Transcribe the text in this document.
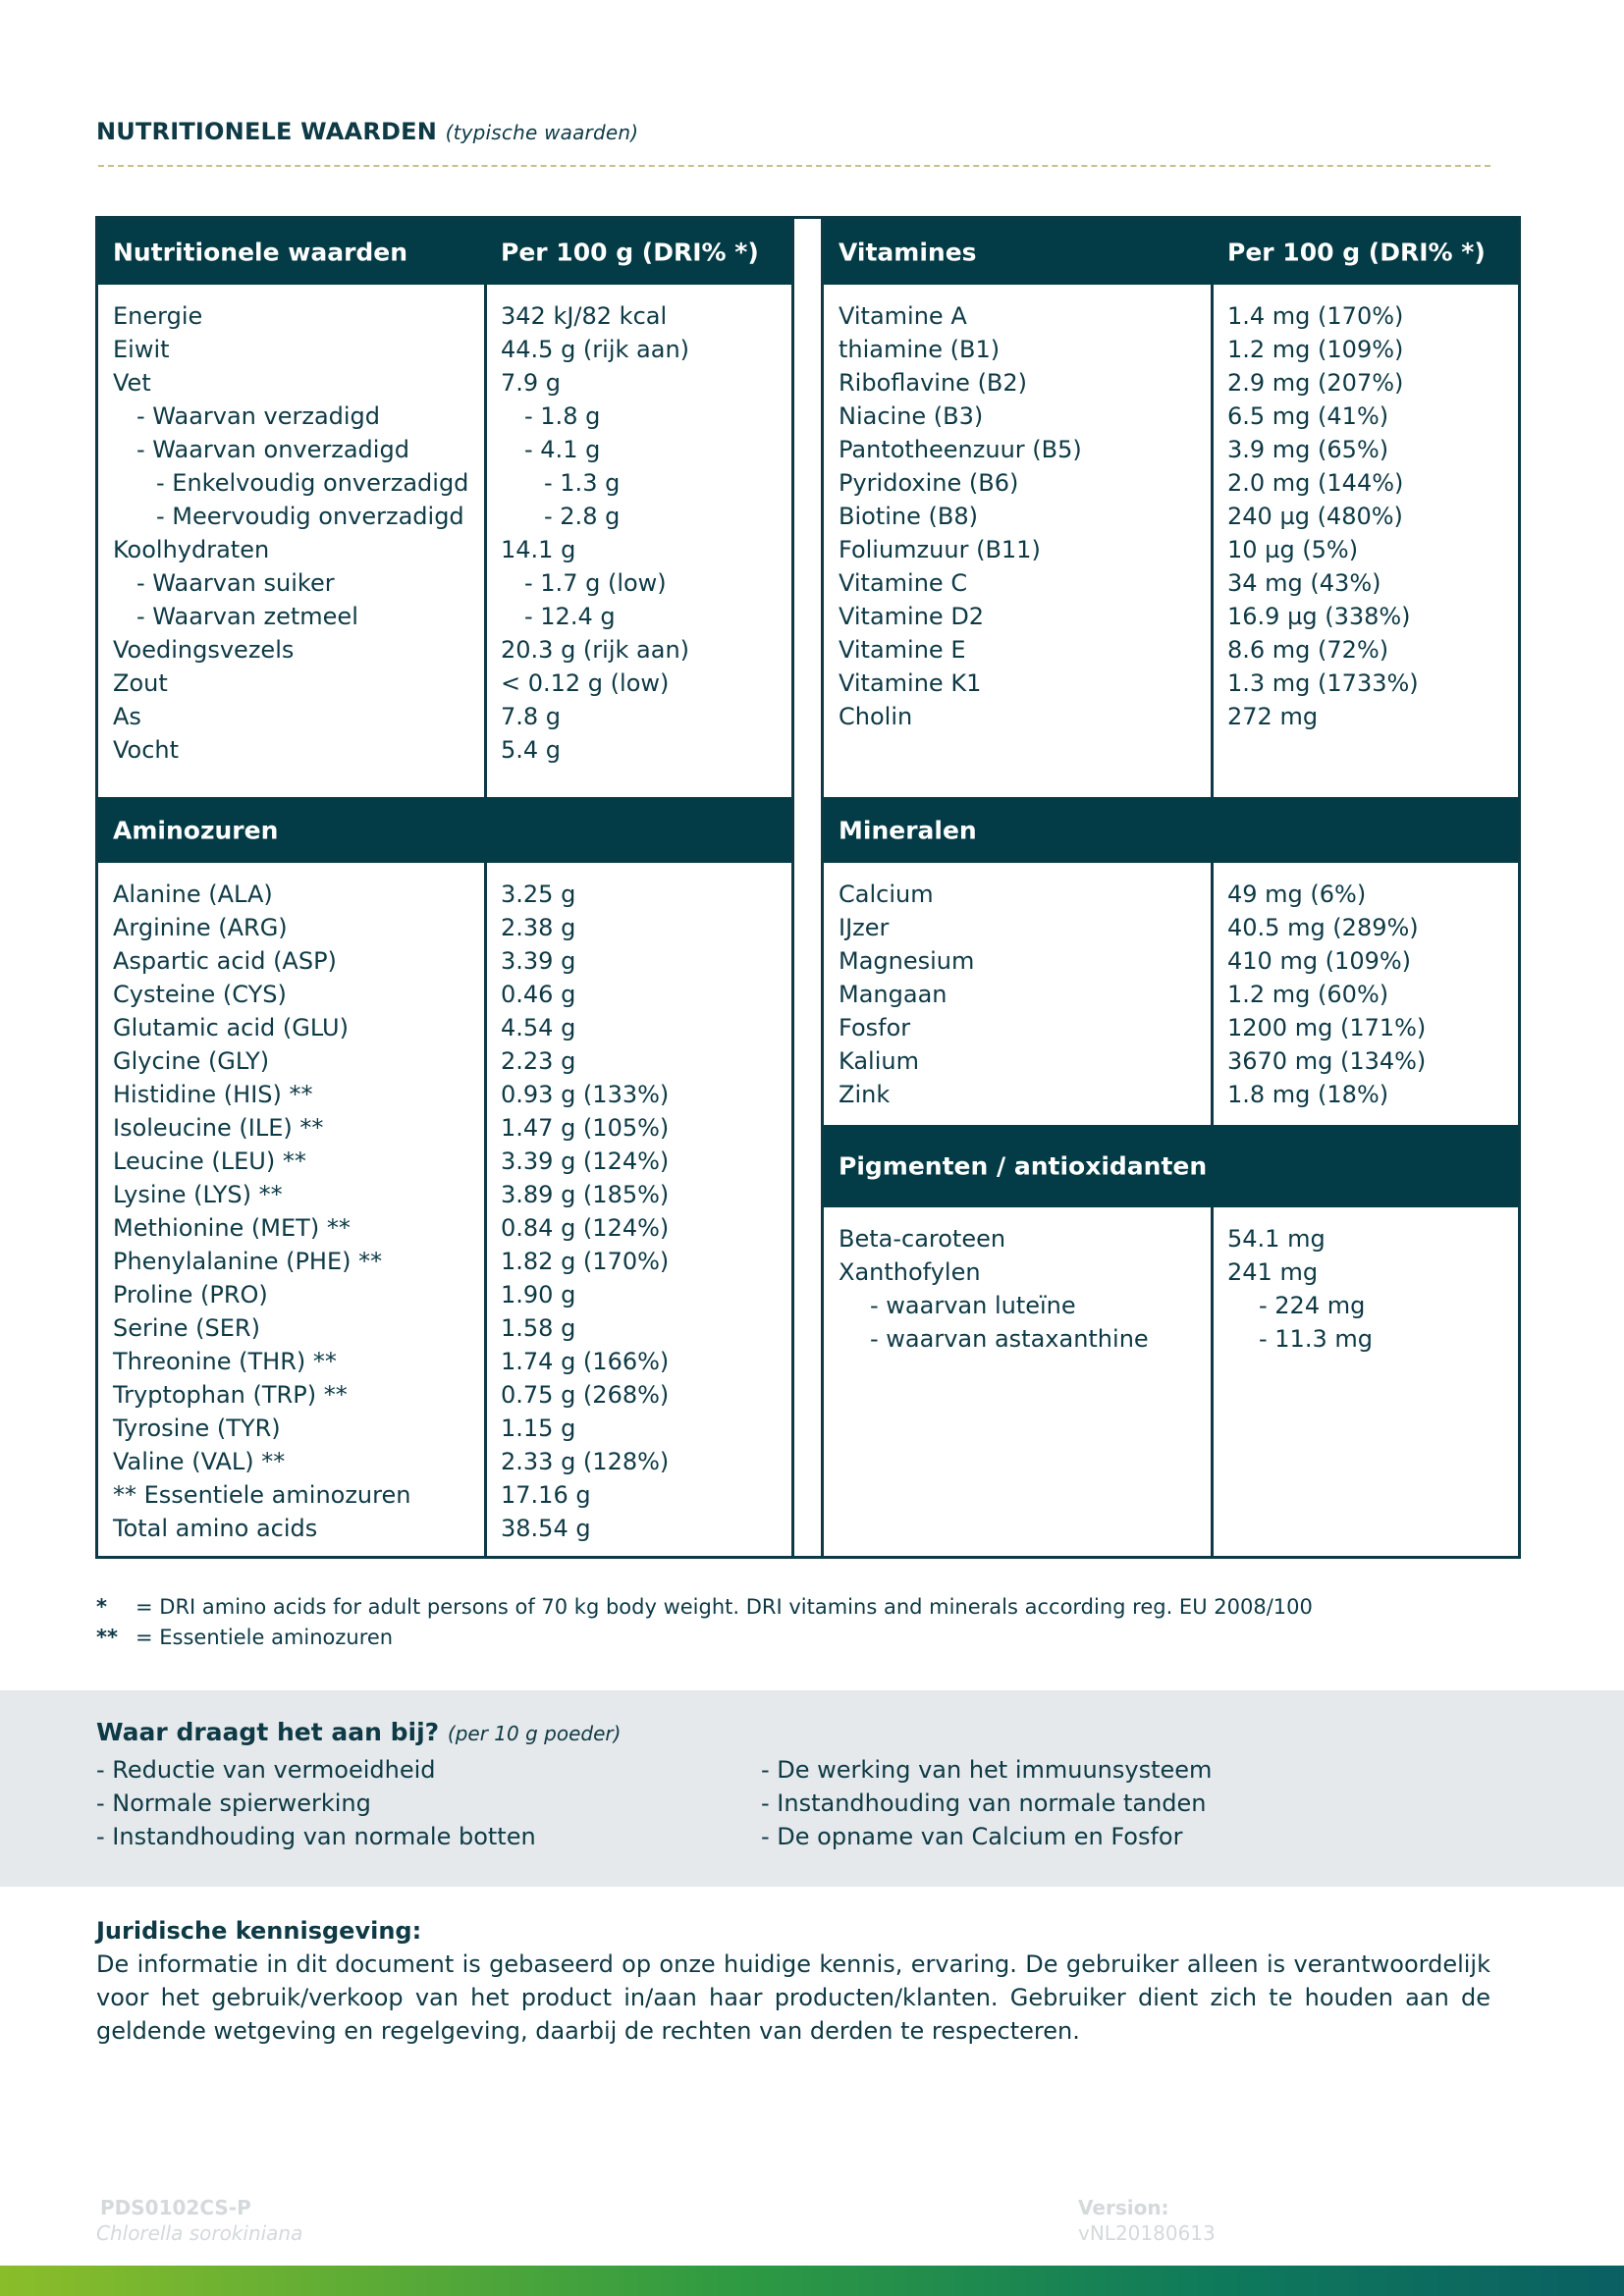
NUTRITIONELE WAARDEN (typische waarden)
Nutritionele waarden	Per 100 g (DRI% *)
Aminozuren
Energie
Eiwit
Vet
- Waarvan verzadigd
- Waarvan onverzadigd
- Enkelvoudig onverzadigd
- Meervoudig onverzadigd
Koolhydraten
- Waarvan suiker
- Waarvan zetmeel
Voedingsvezels
Zout
As
Vocht
342 kJ/82 kcal
44.5 g (rijk aan)
7.9 g
- 1.8 g
- 4.1 g
- 1.3 g
- 2.8 g
14.1 g
- 1.7 g (low)
- 12.4 g
20.3 g (rijk aan)
< 0.12 g (low)
7.8 g
5.4 g
Alanine (ALA)
Arginine (ARG)
Aspartic acid (ASP)
Cysteine (CYS)
Glutamic acid (GLU)
Glycine (GLY)
Histidine (HIS) **
Isoleucine (ILE) **
Leucine (LEU) **
Lysine (LYS) **
Methionine (MET) **
Phenylalanine (PHE) **
Proline (PRO)
Serine (SER)
Threonine (THR) **
Tryptophan (TRP) **
Tyrosine (TYR)
Valine (VAL) **
** Essentiele aminozuren
Total amino acids
3.25 g
2.38 g
3.39 g
0.46 g
4.54 g
2.23 g
0.93 g (133%)
1.47 g (105%)
3.39 g (124%)
3.89 g (185%)
0.84 g (124%)
1.82 g (170%)
1.90 g
1.58 g
1.74 g (166%)
0.75 g (268%)
1.15 g
2.33 g (128%)
17.16 g
38.54 g
Vitamines	Per 100 g (DRI% *)
Mineralen
Pigmenten / antioxidanten
Vitamine A
thiamine (B1)
Riboflavine (B2)
Niacine (B3)
Pantotheenzuur (B5)
Pyridoxine (B6)
Biotine (B8)
Foliumzuur (B11)
Vitamine C
Vitamine D2
Vitamine E
Vitamine K1
Cholin
1.4 mg (170%)
1.2 mg (109%)
2.9 mg (207%)
6.5 mg (41%)
3.9 mg (65%)
2.0 mg (144%)
240 µg (480%)
10 µg (5%)
34 mg (43%)
16.9 µg (338%)
8.6 mg (72%)
1.3 mg (1733%)
272 mg
Calcium
IJzer
Magnesium
Mangaan
Fosfor
Kalium
Zink
49 mg (6%)
40.5 mg (289%)
410 mg (109%)
1.2 mg (60%)
1200 mg (171%)
3670 mg (134%)
1.8 mg (18%)
Beta-caroteen
Xanthofylen
- waarvan luteïne
- waarvan astaxanthine
54.1 mg
241 mg
- 224 mg
- 11.3 mg
* = DRI amino acids for adult persons of 70 kg body weight. DRI vitamins and minerals according reg. EU 2008/100
** = Essentiele aminozuren
Waar draagt het aan bij? (per 10 g poeder)
- Reductie van vermoeidheid
- Normale spierwerking
- Instandhouding van normale botten
- De werking van het immuunsysteem
- Instandhouding van normale tanden
- De opname van Calcium en Fosfor
Juridische kennisgeving:
De informatie in dit document is gebaseerd op onze huidige kennis, ervaring. De gebruiker alleen is verantwoordelijk voor het gebruik/verkoop van het product in/aan haar producten/klanten. Gebruiker dient zich te houden aan de geldende wetgeving en regelgeving, daarbij de rechten van derden te respecteren.
PDS0102CS-P
Chlorella sorokiniana
Version:
vNL20180613
